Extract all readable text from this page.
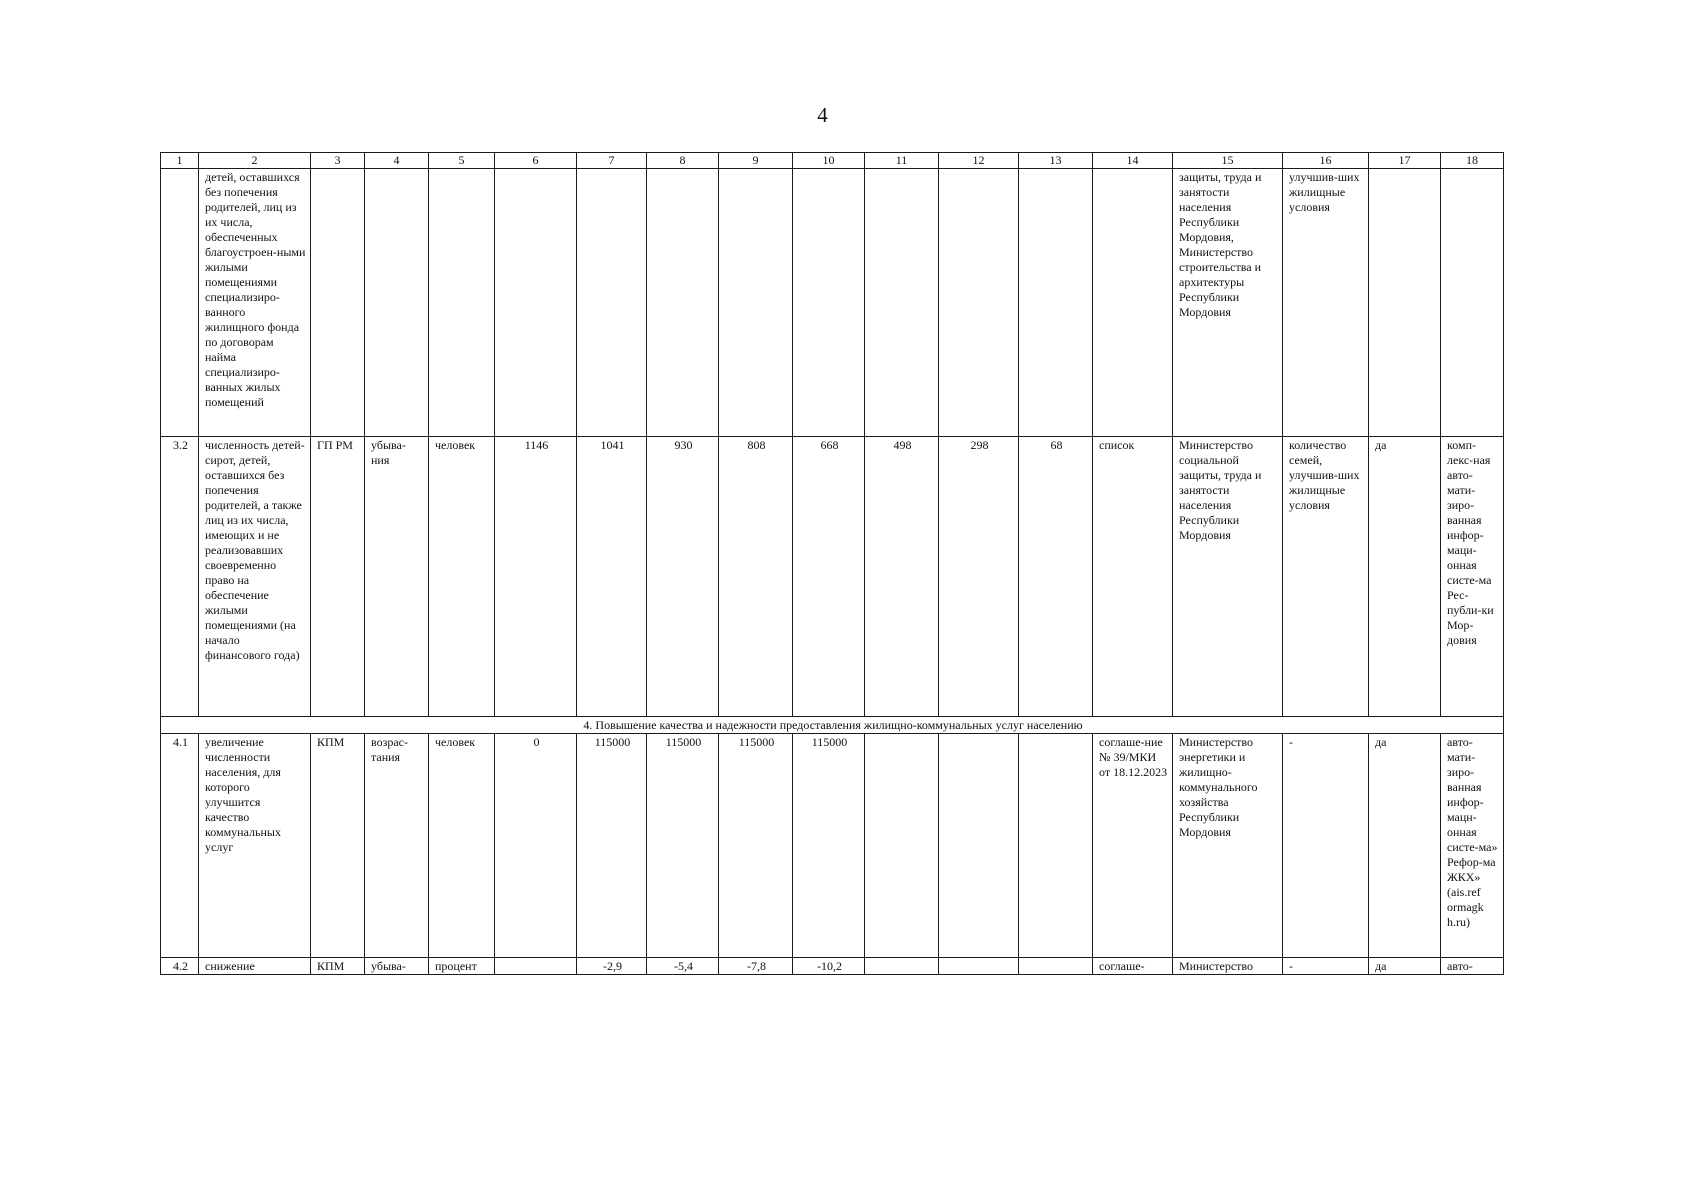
4
1	2	3	4	5	6	7	8	9	10	11	12	13	14	15	16	17	18
	детей, оставшихся без попечения родителей, лиц из их числа, обеспеченных благоустроен-ными жилыми помещениями специализиро-ванного жилищного фонда по договорам найма специализиро-ванных жилых помещений													защиты, труда и занятости населения Республики Мордовия, Министерство строительства и архитектуры Республики Мордовия	улучшив-ших жилищные условия		
3.2	численность детей-сирот, детей, оставшихся без попечения родителей, а также лиц из их числа, имеющих и не реализовавших своевременно право на обеспечение жилыми помещениями (на начало финансового года)	ГП РМ	убыва-ния	человек	1146	1041	930	808	668	498	298	68	список	Министерство социальной защиты, труда и занятости населения Республики Мордовия	количество семей, улучшив-ших жилищные условия	да	комп-лекс-ная авто-мати-зиро-ванная инфор-маци-онная систе-ма Рес-публи-ки Мор-довия
4. Повышение качества и надежности предоставления жилищно-коммунальных услуг населению																	
4.1	увеличение численности населения, для которого улучшится качество коммунальных услуг	КПМ	возрас-тания	человек	0	115000	115000	115000	115000				соглаше-ние № 39/МКИ от 18.12.2023	Министерство энергетики и жилищно-коммунального хозяйства Республики Мордовия	-	да	авто-мати-зиро-ванная инфор-мацн-онная систе-ма» Рефор-ма ЖКХ» (ais.ref ormagk h.ru)
4.2	снижение	КПМ	убыва-	процент		-2,9	-5,4	-7,8	-10,2				соглаше-	Министерство	-	да	авто-
